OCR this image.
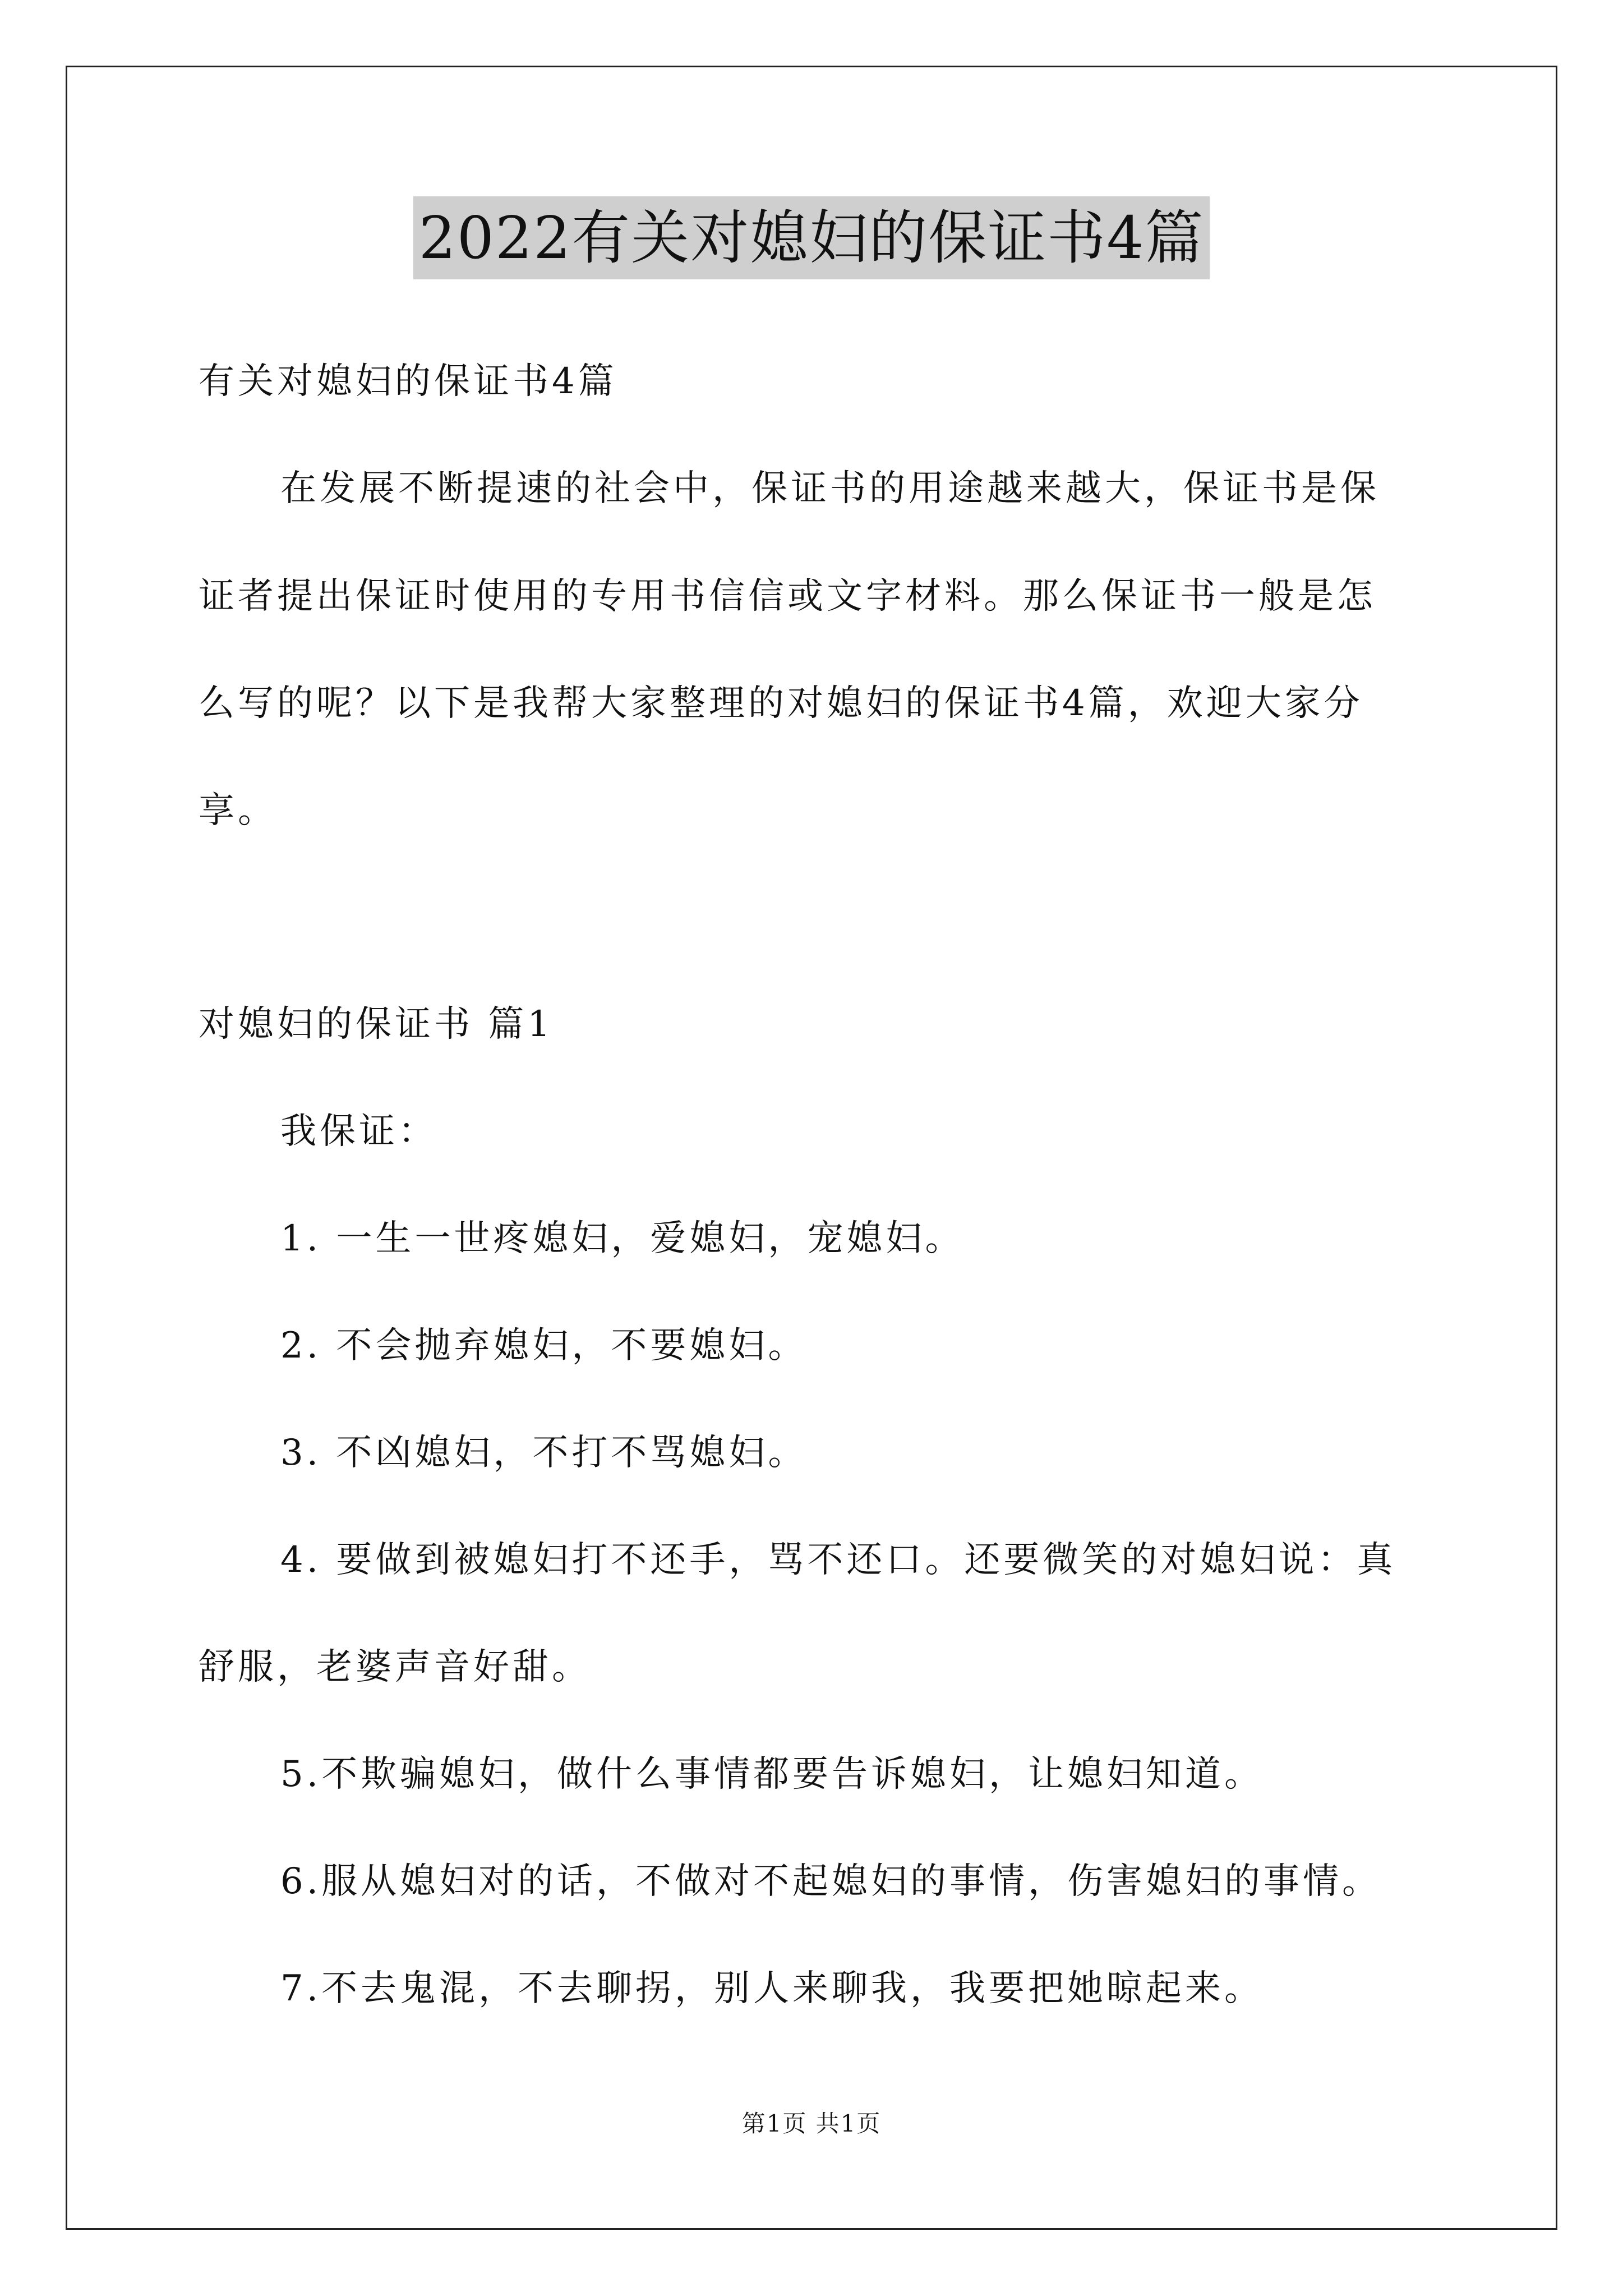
2022有关对媳妇的保证书4篇
有关对媳妇的保证书4篇
在发展不断提速的社会中，保证书的用途越来越大，保证书是保
证者提出保证时使用的专用书信信或文字材料。那么保证书一般是怎
么写的呢？以下是我帮大家整理的对媳妇的保证书4篇，欢迎大家分
享。
对媳妇的保证书 篇1
我保证：
1. 一生一世疼媳妇，爱媳妇，宠媳妇。
2. 不会抛弃媳妇，不要媳妇。
3. 不凶媳妇，不打不骂媳妇。
4. 要做到被媳妇打不还手，骂不还口。还要微笑的对媳妇说：真
舒服，老婆声音好甜。
5.不欺骗媳妇，做什么事情都要告诉媳妇，让媳妇知道。
6.服从媳妇对的话，不做对不起媳妇的事情，伤害媳妇的事情。
7.不去鬼混，不去聊拐，别人来聊我，我要把她晾起来。
第1页 共1页
